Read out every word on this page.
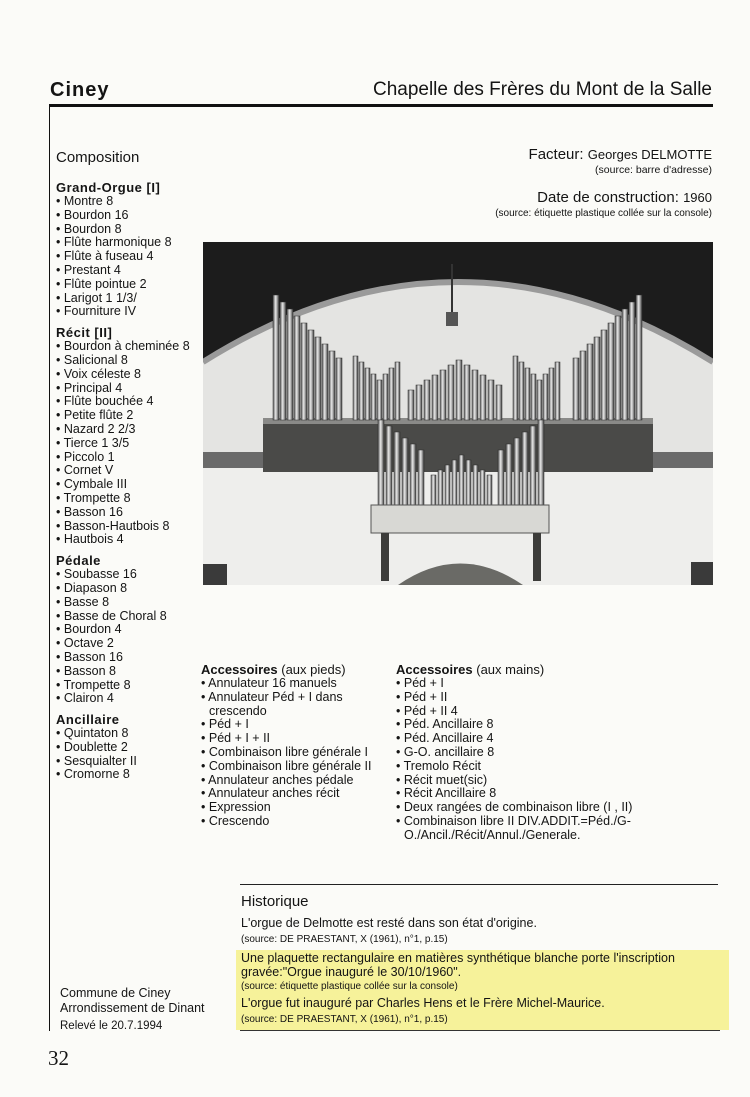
Ciney	Chapelle des Frères du Mont de la Salle
Composition
Grand-Orgue [I]
• Montre 8
• Bourdon 16
• Bourdon 8
• Flûte harmonique 8
• Flûte à fuseau 4
• Prestant 4
• Flûte pointue 2
• Larigot 1 1/3/
• Fourniture IV
Récit [II]
• Bourdon à cheminée 8
• Salicional 8
• Voix céleste 8
• Principal 4
• Flûte bouchée 4
• Petite flûte 2
• Nazard 2 2/3
• Tierce 1 3/5
• Piccolo 1
• Cornet V
• Cymbale III
• Trompette 8
• Basson 16
• Basson-Hautbois 8
• Hautbois 4
Pédale
• Soubasse 16
• Diapason 8
• Basse 8
• Basse de Choral 8
• Bourdon 4
• Octave 2
• Basson 16
• Basson 8
• Trompette 8
• Clairon 4
Ancillaire
• Quintaton 8
• Doublette 2
• Sesquialter II
• Cromorne 8
Facteur: Georges DELMOTTE
(source: barre d'adresse)
Date de construction: 1960
(source: étiquette plastique collée sur la console)
Accessoires (aux pieds)
• Annulateur 16 manuels
• Annulateur Péd + I dans crescendo
• Péd + I
• Péd + I + II
• Combinaison libre générale I
• Combinaison libre générale II
• Annulateur anches pédale
• Annulateur anches récit
• Expression
• Crescendo
Accessoires (aux mains)
• Péd + I
• Péd + II
• Péd + II 4
• Péd. Ancillaire 8
• Péd. Ancillaire 4
• G-O. ancillaire 8
• Tremolo Récit
• Récit muet(sic)
• Récit Ancillaire 8
• Deux rangées de combinaison libre (I , II)
• Combinaison libre II DIV.ADDIT.=Péd./G-O./Ancil./Récit/Annul./Generale.
Historique
L'orgue de Delmotte est resté dans son état d'origine.
(source: DE PRAESTANT, X (1961), n°1, p.15)
Une plaquette rectangulaire en matières synthétique blanche porte l'inscription gravée:"Orgue inauguré le 30/10/1960".
(source: étiquette plastique collée sur la console)
L'orgue fut inauguré par Charles Hens et le Frère Michel-Maurice.
(source: DE PRAESTANT, X (1961), n°1, p.15)
Commune de Ciney
Arrondissement de Dinant
Relevé le 20.7.1994
32
